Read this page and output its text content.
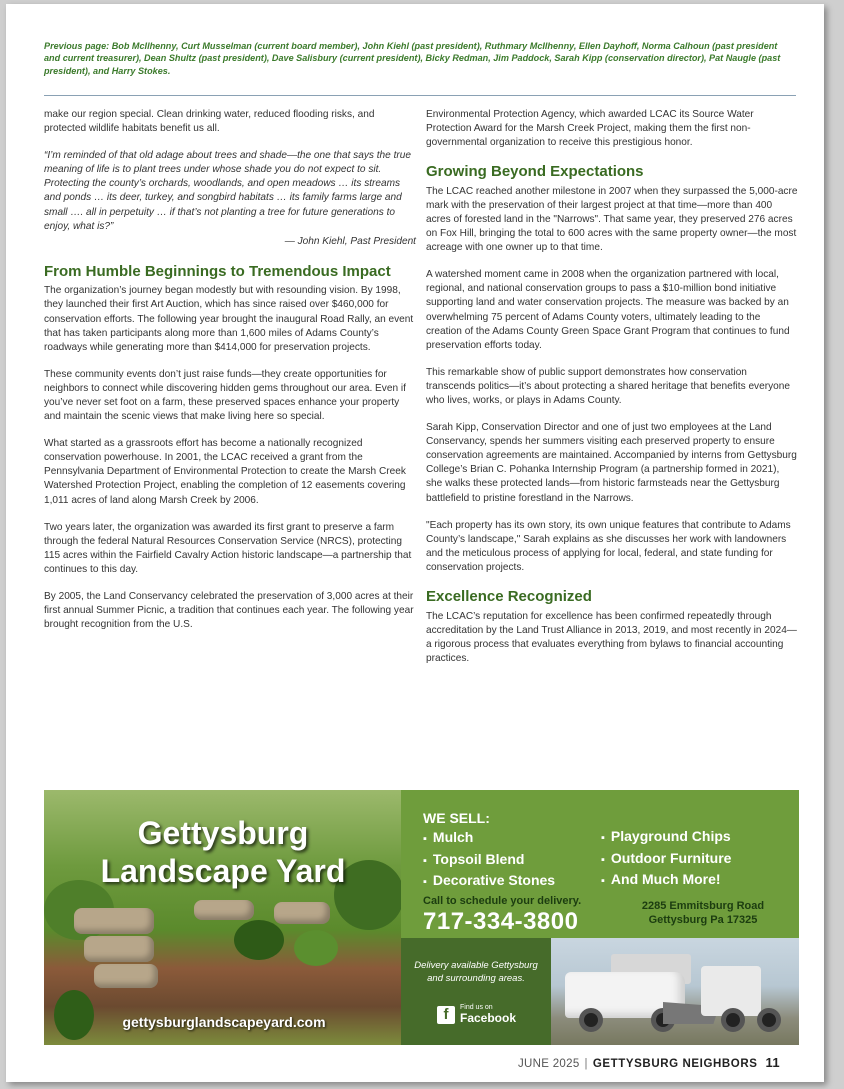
Previous page: Bob McIlhenny, Curt Musselman (current board member), John Kiehl (past president), Ruthmary McIlhenny, Ellen Dayhoff, Norma Calhoun (past president and current treasurer), Dean Shultz (past president), Dave Salisbury (current president), Bicky Redman, Jim Paddock, Sarah Kipp (conservation director), Pat Naugle (past president), and Harry Stokes.

make our region special. Clean drinking water, reduced flooding risks, and protected wildlife habitats benefit us all.

“I’m reminded of that old adage about trees and shade—the one that says the true meaning of life is to plant trees under whose shade you do not expect to sit. Protecting the county’s orchards, woodlands, and open meadows … its streams and ponds … its deer, turkey, and songbird habitats … its family farms large and small …. all in perpetuity … if that’s not planting a tree for future generations to enjoy, what is?”

— John Kiehl, Past President

From Humble Beginnings to Tremendous Impact

The organization’s journey began modestly but with resounding vision. By 1998, they launched their first Art Auction, which has since raised over $460,000 for conservation efforts. The following year brought the inaugural Road Rally, an event that has taken participants along more than 1,600 miles of Adams County’s roadways while generating more than $414,000 for preservation projects.

These community events don’t just raise funds—they create opportunities for neighbors to connect while discovering hidden gems throughout our area. Even if you’ve never set foot on a farm, these preserved spaces enhance your property and maintain the scenic views that make living here so special.

What started as a grassroots effort has become a nationally recognized conservation powerhouse. In 2001, the LCAC received a grant from the Pennsylvania Department of Environmental Protection to create the Marsh Creek Watershed Protection Project, enabling the completion of 12 easements covering 1,011 acres of land along Marsh Creek by 2006.

Two years later, the organization was awarded its first grant to preserve a farm through the federal Natural Resources Conservation Service (NRCS), protecting 115 acres within the Fairfield Cavalry Action historic landscape—a partnership that continues to this day.

By 2005, the Land Conservancy celebrated the preservation of 3,000 acres at their first annual Summer Picnic, a tradition that continues each year. The following year brought recognition from the U.S.

Environmental Protection Agency, which awarded LCAC its Source Water Protection Award for the Marsh Creek Project, making them the first non-governmental organization to receive this prestigious honor.

Growing Beyond Expectations

The LCAC reached another milestone in 2007 when they surpassed the 5,000-acre mark with the preservation of their largest project at that time—more than 400 acres of forested land in the "Narrows". That same year, they preserved 276 acres on Fox Hill, bringing the total to 600 acres with the same property owner—the most acreage with one owner up to that time.

A watershed moment came in 2008 when the organization partnered with local, regional, and national conservation groups to pass a $10-million bond initiative supporting land and water conservation projects. The measure was backed by an overwhelming 75 percent of Adams County voters, ultimately leading to the creation of the Adams County Green Space Grant Program that continues to fund preservation efforts today.

This remarkable show of public support demonstrates how conservation transcends politics—it’s about protecting a shared heritage that benefits everyone who lives, works, or plays in Adams County.

Sarah Kipp, Conservation Director and one of just two employees at the Land Conservancy, spends her summers visiting each preserved property to ensure conservation agreements are maintained. Accompanied by interns from Gettysburg College’s Brian C. Pohanka Internship Program (a partnership formed in 2021), she walks these protected lands—from historic farmsteads near the Gettysburg battlefield to pristine forestland in the Narrows.

"Each property has its own story, its own unique features that contribute to Adams County’s landscape," Sarah explains as she discusses her work with landowners and the meticulous process of applying for local, federal, and state funding for conservation projects.

Excellence Recognized

The LCAC’s reputation for excellence has been confirmed repeatedly through accreditation by the Land Trust Alliance in 2013, 2019, and most recently in 2024—a rigorous process that evaluates everything from bylaws to financial accounting practices.

Gettysburg
Landscape Yard
gettysburglandscapeyard.com
WE SELL:
▪ Mulch
▪ Topsoil Blend
▪ Decorative Stones
▪ Playground Chips
▪ Outdoor Furniture
▪ And Much More!
Call to schedule your delivery.
717-334-3800
2285 Emmitsburg Road
Gettysburg Pa 17325
Delivery available Gettysburg and surrounding areas.
f	Find us on
Facebook
JUNE 2025 | GETTYSBURG NEIGHBORS 11
